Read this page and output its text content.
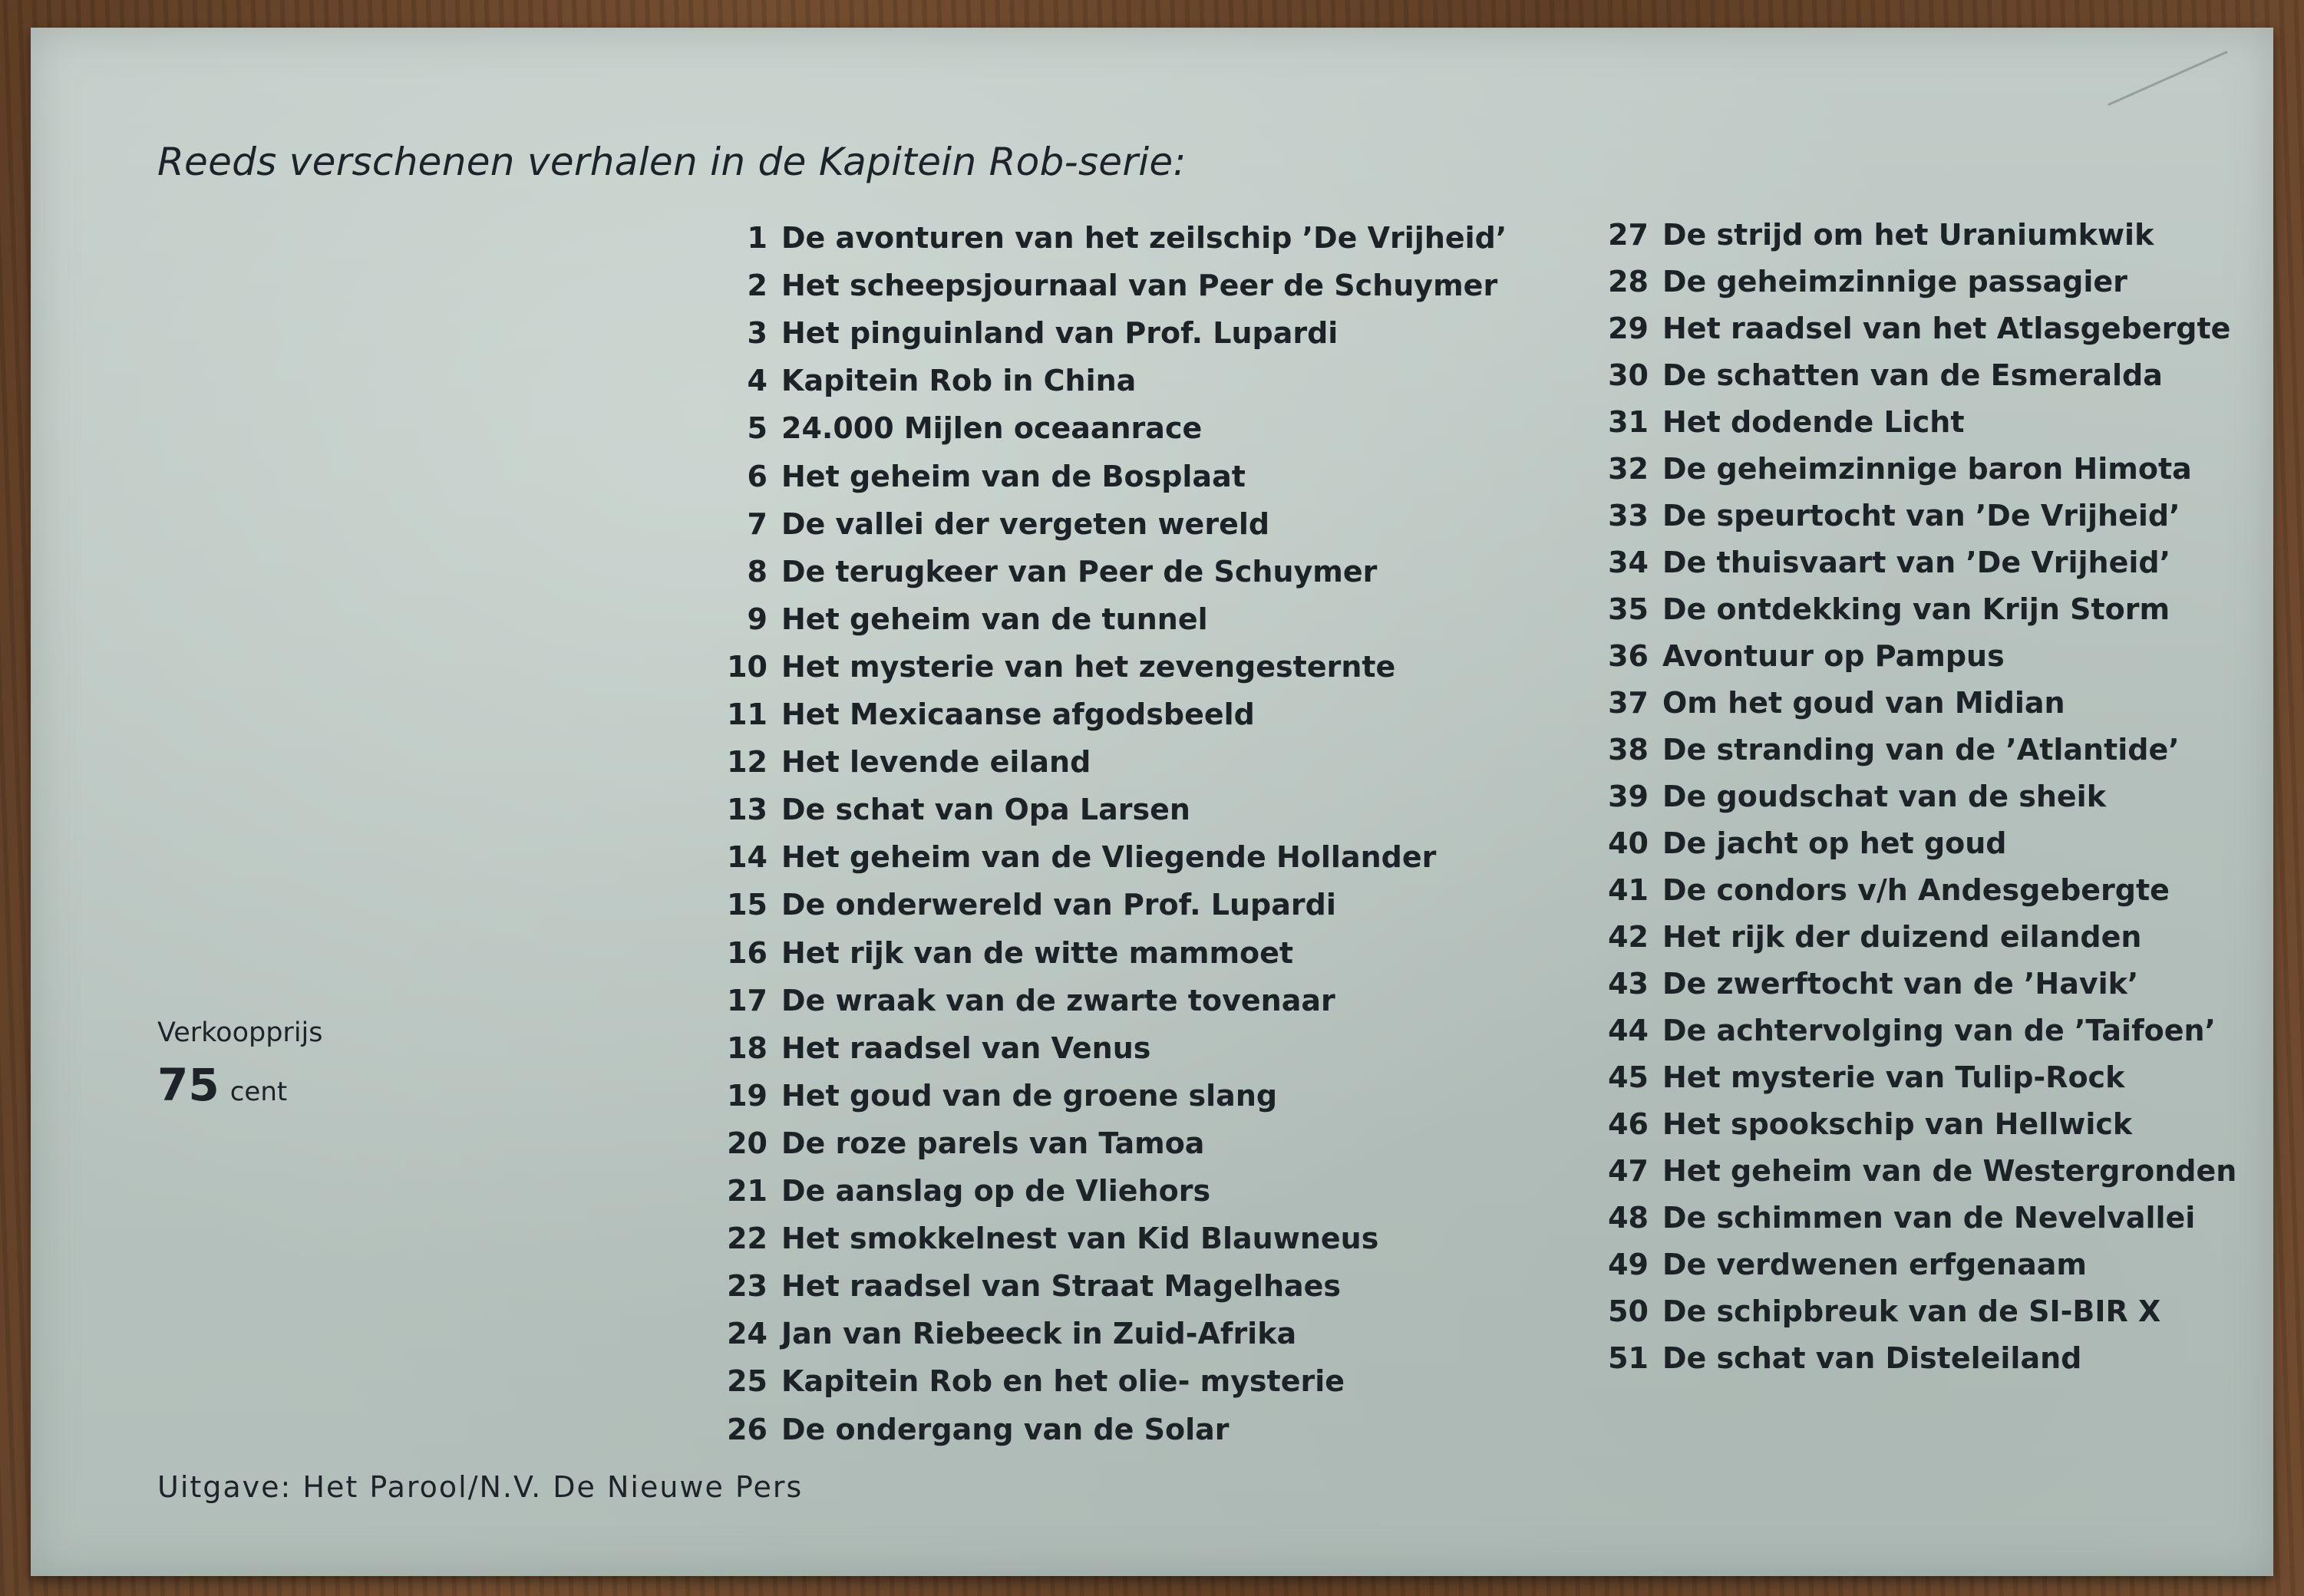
Reeds verschenen verhalen in de Kapitein Rob-serie:
1 De avonturen van het zeilschip ’De Vrijheid’
2 Het scheepsjournaal van Peer de Schuymer
3 Het pinguinland van Prof. Lupardi
4 Kapitein Rob in China
5 24.000 Mijlen oceaanrace
6 Het geheim van de Bosplaat
7 De vallei der vergeten wereld
8 De terugkeer van Peer de Schuymer
9 Het geheim van de tunnel
10 Het mysterie van het zevengesternte
11 Het Mexicaanse afgodsbeeld
12 Het levende eiland
13 De schat van Opa Larsen
14 Het geheim van de Vliegende Hollander
15 De onderwereld van Prof. Lupardi
16 Het rijk van de witte mammoet
17 De wraak van de zwarte tovenaar
18 Het raadsel van Venus
19 Het goud van de groene slang
20 De roze parels van Tamoa
21 De aanslag op de Vliehors
22 Het smokkelnest van Kid Blauwneus
23 Het raadsel van Straat Magelhaes
24 Jan van Riebeeck in Zuid-Afrika
25 Kapitein Rob en het olie- mysterie
26 De ondergang van de Solar
27 De strijd om het Uraniumkwik
28 De geheimzinnige passagier
29 Het raadsel van het Atlasgebergte
30 De schatten van de Esmeralda
31 Het dodende Licht
32 De geheimzinnige baron Himota
33 De speurtocht van ’De Vrijheid’
34 De thuisvaart van ’De Vrijheid’
35 De ontdekking van Krijn Storm
36 Avontuur op Pampus
37 Om het goud van Midian
38 De stranding van de ’Atlantide’
39 De goudschat van de sheik
40 De jacht op het goud
41 De condors v/h Andesgebergte
42 Het rijk der duizend eilanden
43 De zwerftocht van de ’Havik’
44 De achtervolging van de ’Taifoen’
45 Het mysterie van Tulip-Rock
46 Het spookschip van Hellwick
47 Het geheim van de Westergronden
48 De schimmen van de Nevelvallei
49 De verdwenen erfgenaam
50 De schipbreuk van de SI-BIR X
51 De schat van Disteleiland
Verkoopprijs
75 cent
Uitgave: Het Parool/N.V. De Nieuwe Pers
